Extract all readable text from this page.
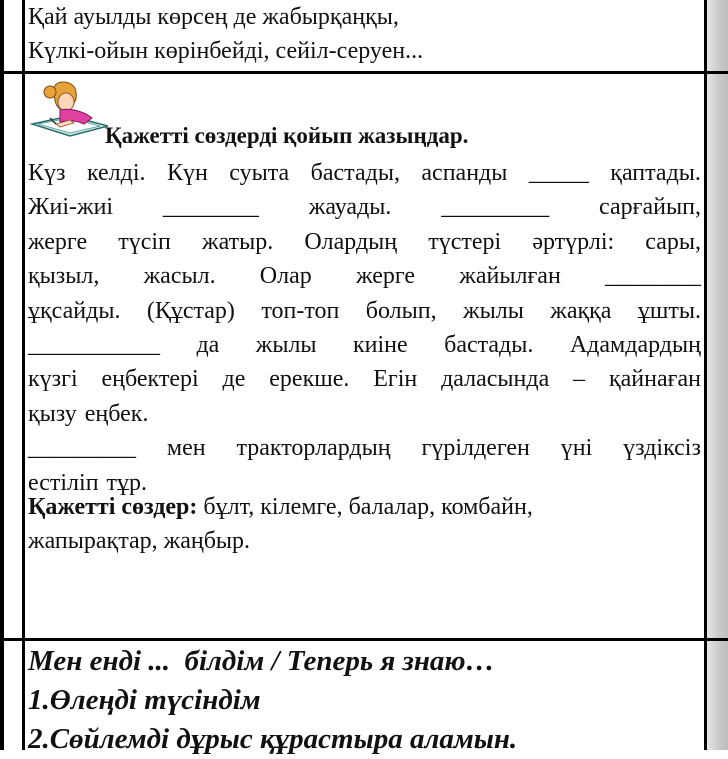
Қай ауылды көрсең де жабырқаңқы,
Күлкі-ойын көрінбейді, сейіл-серуен...
Қажетті сөздерді қойып жазыңдар.
Күз келді. Күн суыта бастады, аспанды _____ қаптады.
Жиі-жиі ________ жауады. _________ сарғайып,
жерге түсіп жатыр. Олардың түстері әртүрлі: сары,
қызыл, жасыл. Олар жерге жайылған ________
ұқсайды. (Құстар) топ-топ болып, жылы жаққа ұшты.
___________ да жылы киіне бастады. Адамдардың
күзгі еңбектері де ерекше. Егін даласында – қайнаған
қызу еңбек.
_________ мен тракторлардың гүрілдеген үні үздіксіз
естіліп тұр.
Қажетті сөздер: бұлт, кілемге, балалар, комбайн,
жапырақтар, жаңбыр.
Мен енді ...  білдім / Теперь я знаю…
1.Өлеңді түсіндім
2.Сөйлемді дұрыс құрастыра аламын.
